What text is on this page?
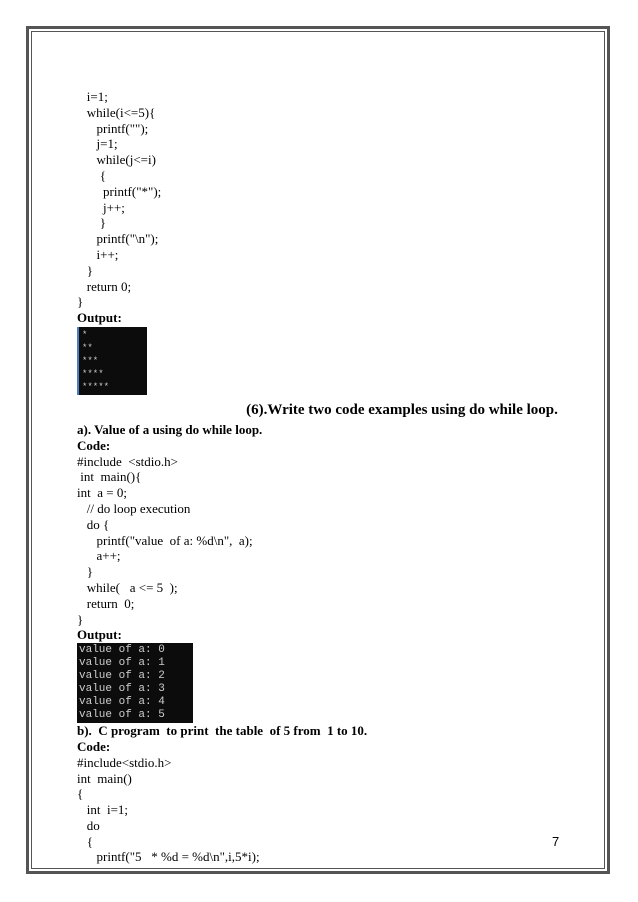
i=1;
while(i<=5){
printf("");
j=1;
while(j<=i)
{
printf("*");
j++;
}
printf("\n");
i++;
}
return 0;
}
Output:
*
**
***
****
*****
(6).Write two code examples using do while loop.
a). Value of a using do while loop.
Code:
#include  <stdio.h>
int  main(){
int  a = 0;
// do loop execution
do {
printf("value  of a: %d\n",  a);
a++;
}
while(   a <= 5  );
return  0;
}
Output:
value of a: 0
value of a: 1
value of a: 2
value of a: 3
value of a: 4
value of a: 5
b).  C program  to print  the table  of 5 from  1 to 10.
Code:
#include<stdio.h>
int  main()
{
int  i=1;
do
{
printf("5   * %d = %d\n",i,5*i);
7
